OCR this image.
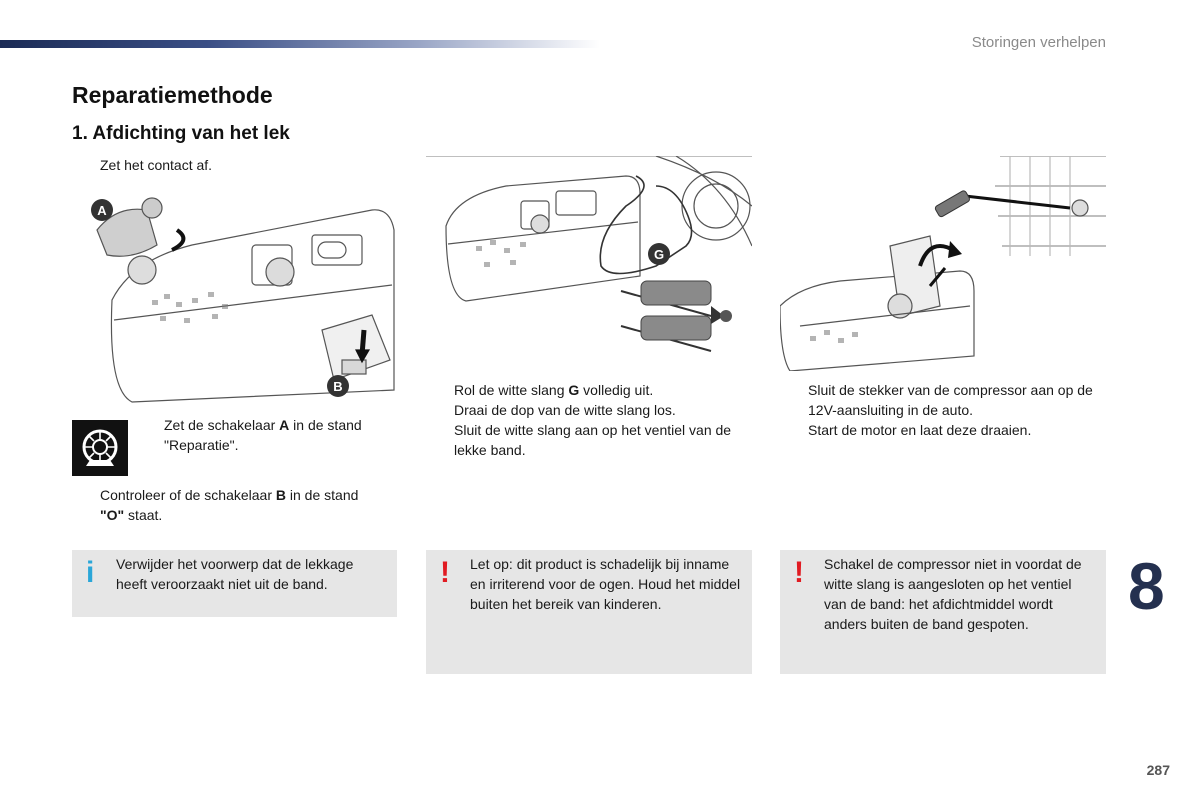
Storingen verhelpen
Reparatiemethode
1. Afdichting van het lek
Zet het contact af.
A
B
Zet de schakelaar A in de stand "Reparatie".
Controleer of de schakelaar B in de stand "O" staat.
i Verwijder het voorwerp dat de lekkage heeft veroorzaakt niet uit de band.
G
Rol de witte slang G volledig uit.
Draai de dop van de witte slang los.
Sluit de witte slang aan op het ventiel van de lekke band.
! Let op: dit product is schadelijk bij inname en irriterend voor de ogen. Houd het middel buiten het bereik van kinderen.
Sluit de stekker van de compressor aan op de 12V-aansluiting in de auto.
Start de motor en laat deze draaien.
! Schakel de compressor niet in voordat de witte slang is aangesloten op het ventiel van de band: het afdichtmiddel wordt anders buiten de band gespoten.
8
287
